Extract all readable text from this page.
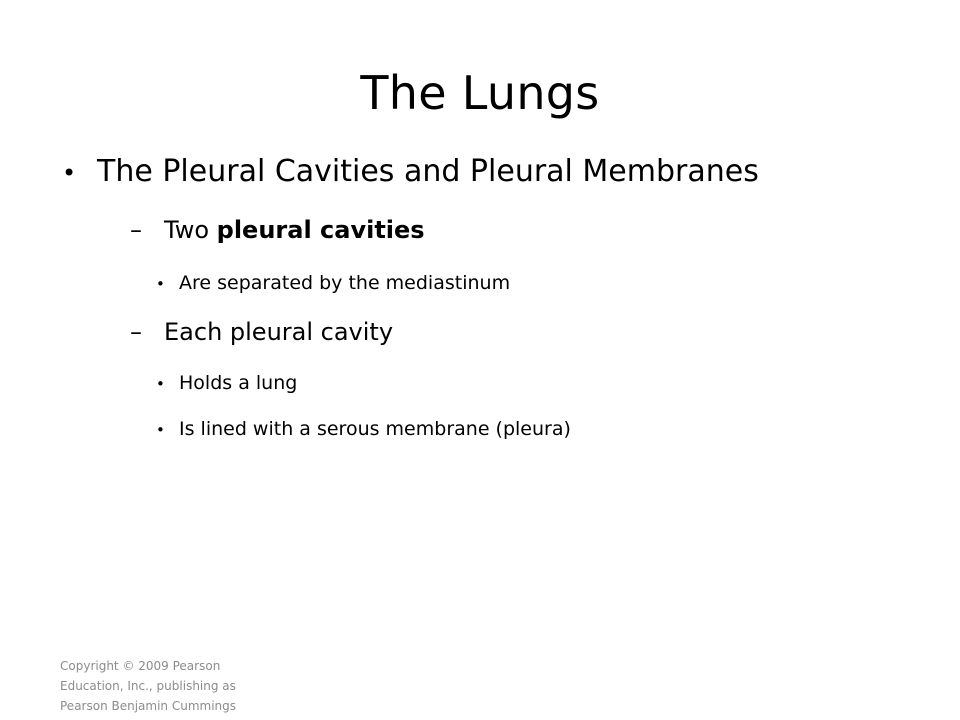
The Lungs
• The Pleural Cavities and Pleural Membranes
– Two pleural cavities
• Are separated by the mediastinum
– Each pleural cavity
• Holds a lung
• Is lined with a serous membrane (pleura)
Copyright © 2009 Pearson Education, Inc., publishing as Pearson Benjamin Cummings
